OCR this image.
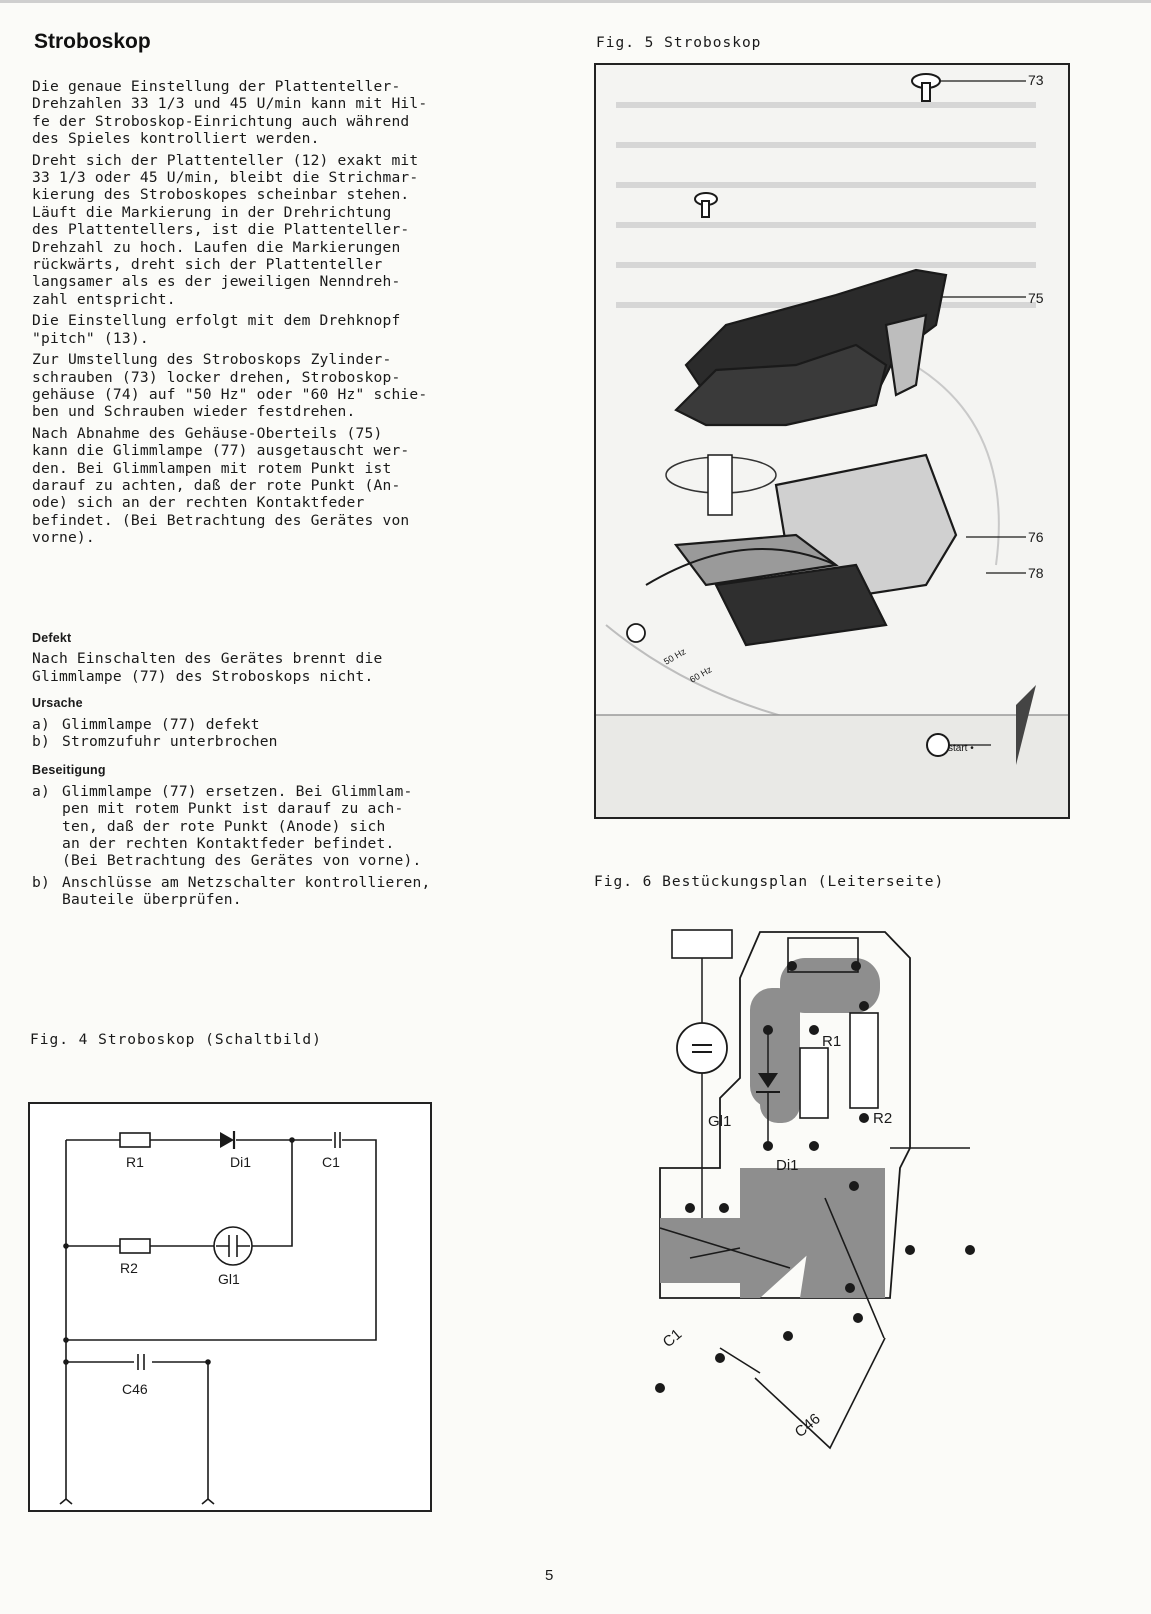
Stroboskop

Die genaue Einstellung der Plattenteller-
Drehzahlen 33 1/3 und 45 U/min kann mit Hil-
fe der Stroboskop-Einrichtung auch während
des Spieles kontrolliert werden.

Dreht sich der Plattenteller (12) exakt mit
33 1/3 oder 45 U/min, bleibt die Strichmar-
kierung des Stroboskopes scheinbar stehen.
Läuft die Markierung in der Drehrichtung
des Plattentellers, ist die Plattenteller-
Drehzahl zu hoch. Laufen die Markierungen
rückwärts, dreht sich der Plattenteller
langsamer als es der jeweiligen Nenndreh-
zahl entspricht.

Die Einstellung erfolgt mit dem Drehknopf
"pitch" (13).

Zur Umstellung des Stroboskops Zylinder-
schrauben (73) locker drehen, Stroboskop-
gehäuse (74) auf "50 Hz" oder "60 Hz" schie-
ben und Schrauben wieder festdrehen.

Nach Abnahme des Gehäuse-Oberteils (75)
kann die Glimmlampe (77) ausgetauscht wer-
den. Bei Glimmlampen mit rotem Punkt ist
darauf zu achten, daß der rote Punkt (An-
ode) sich an der rechten Kontaktfeder
befindet. (Bei Betrachtung des Gerätes von
vorne).

Defekt

Nach Einschalten des Gerätes brennt die
Glimmlampe (77) des Stroboskops nicht.

Ursache
a) Glimmlampe (77) defekt
b) Stromzufuhr unterbrochen
Beseitigung
a) Glimmlampe (77) ersetzen. Bei Glimmlam-
pen mit rotem Punkt ist darauf zu ach-
ten, daß der rote Punkt (Anode) sich
an der rechten Kontaktfeder befindet.
(Bei Betrachtung des Gerätes von vorne).
b) Anschlüsse am Netzschalter kontrollieren,
Bauteile überprüfen.
Fig. 4 Stroboskop (Schaltbild)
R1	Di1	C1
R2
Gl1
C46
Fig. 5 Stroboskop
73
75
76
78
50 Hz
60 Hz
start •
Fig. 6 Bestückungsplan (Leiterseite)
R1
R2
Gl1
Di1
C1
C46
5
